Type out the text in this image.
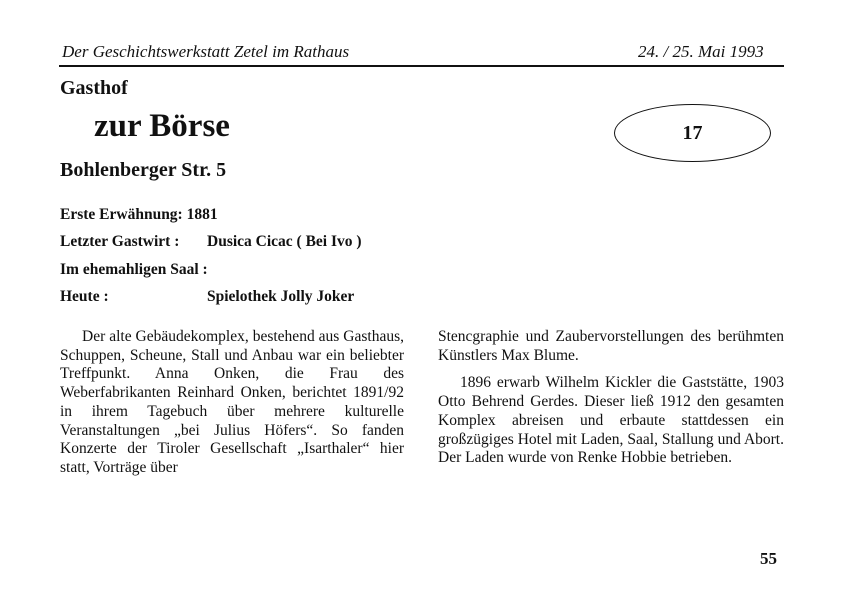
Der Geschichtswerkstatt Zetel im Rathaus	24. / 25. Mai 1993
Gasthof
zur Börse
Bohlenberger Str. 5
17
Erste Erwähnung: 1881
Letzter Gastwirt : Dusica Cicac ( Bei Ivo )
Im ehemahligen Saal :
Heute :	Spielothek Jolly Joker

Der alte Gebäudekomplex, bestehend aus Gasthaus, Schuppen, Scheune, Stall und Anbau war ein beliebter Treffpunkt. Anna Onken, die Frau des Weberfabrikanten Reinhard Onken, berichtet 1891/92 in ihrem Tagebuch über mehrere kulturelle Veranstaltungen „bei Julius Höfers“. So fanden Konzerte der Tiroler Gesellschaft „Isarthaler“ hier statt, Vorträge über

Stencgraphie und Zaubervorstellungen des berühmten Künstlers Max Blume.

1896 erwarb Wilhelm Kickler die Gaststätte, 1903 Otto Behrend Gerdes. Dieser ließ 1912 den gesamten Komplex abreisen und erbaute stattdessen ein großzügiges Hotel mit Laden, Saal, Stallung und Abort. Der Laden wurde von Renke Hobbie betrieben.

55
